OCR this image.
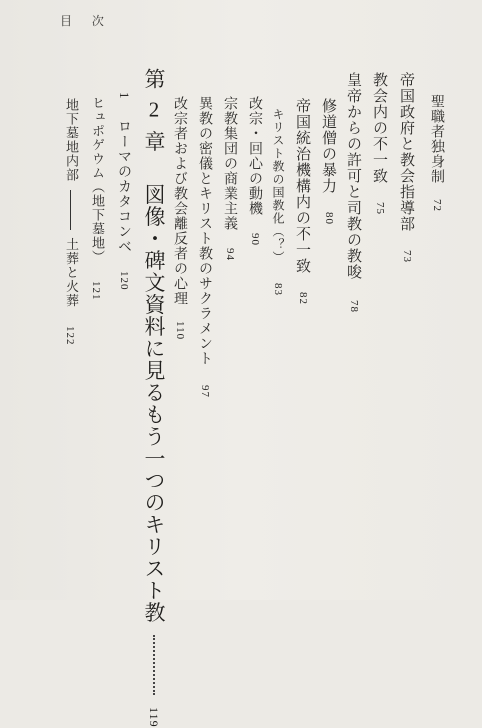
目 次
聖職者独身制 72
帝国政府と教会指導部 73
教会内の不一致 75
皇帝からの許可と司教の教唆 78
修道僧の暴力 80
帝国統治機構内の不一致 82
キリスト教の国教化（？） 83
改宗・回心の動機 90
宗教集団の商業主義 94
異教の密儀とキリスト教のサクラメント 97
改宗者および教会離反者の心理 110
第 2 章  図像・碑文資料に見るもう一つのキリスト教  119
1  ローマのカタコンベ 120
ヒュポゲウム（地下墓地） 121
地下墓地内部  土葬と火葬 122
